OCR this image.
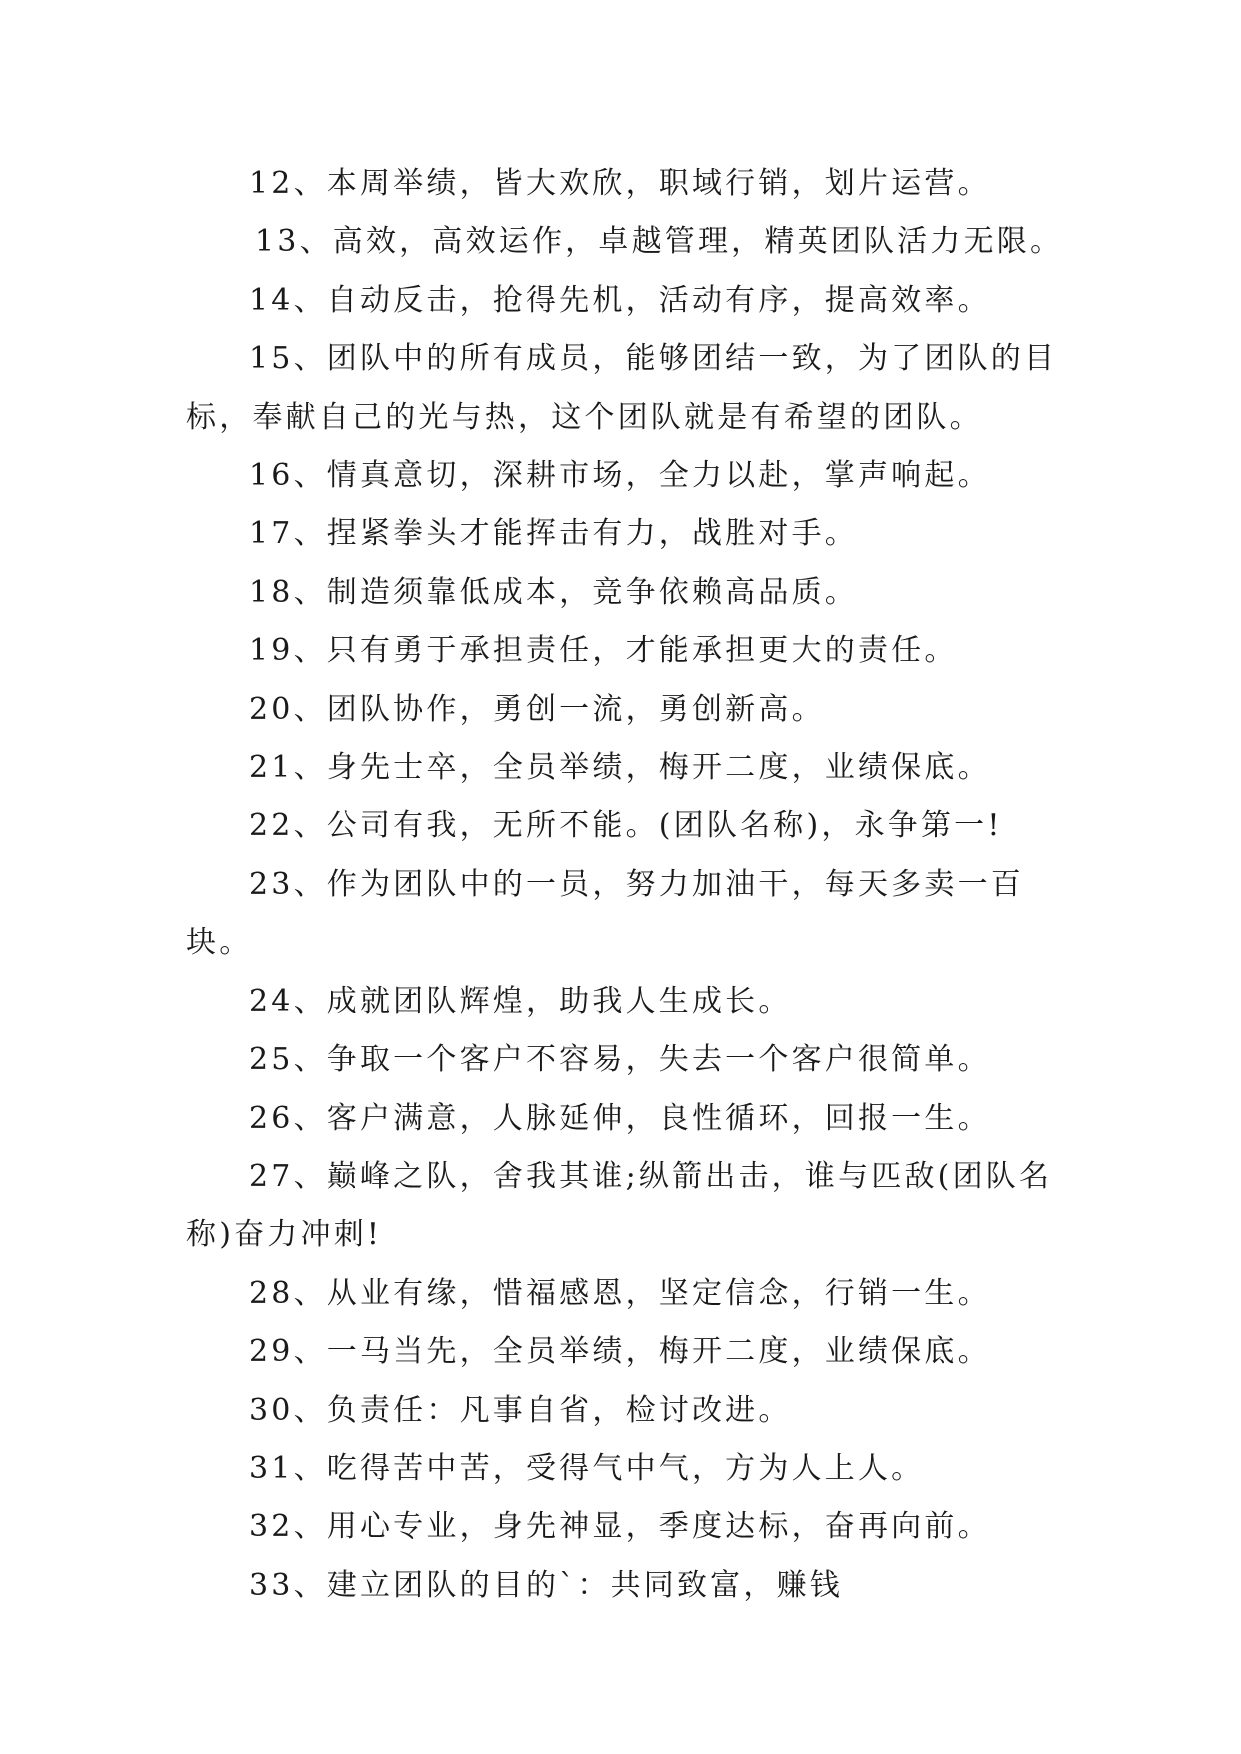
12、本周举绩，皆大欢欣，职域行销，划片运营。

13、高效，高效运作，卓越管理，精英团队活力无限。

14、自动反击，抢得先机，活动有序，提高效率。

15、团队中的所有成员，能够团结一致，为了团队的目标，奉献自己的光与热，这个团队就是有希望的团队。

16、情真意切，深耕市场，全力以赴，掌声响起。

17、捏紧拳头才能挥击有力，战胜对手。

18、制造须靠低成本，竞争依赖高品质。

19、只有勇于承担责任，才能承担更大的责任。

20、团队协作，勇创一流，勇创新高。

21、身先士卒，全员举绩，梅开二度，业绩保底。

22、公司有我，无所不能。(团队名称)，永争第一!

23、作为团队中的一员，努力加油干，每天多卖一百块。

24、成就团队辉煌，助我人生成长。

25、争取一个客户不容易，失去一个客户很简单。

26、客户满意，人脉延伸，良性循环，回报一生。

27、巅峰之队，舍我其谁;纵箭出击，谁与匹敌(团队名称)奋力冲刺!

28、从业有缘，惜福感恩，坚定信念，行销一生。

29、一马当先，全员举绩，梅开二度，业绩保底。

30、负责任：凡事自省，检讨改进。

31、吃得苦中苦，受得气中气，方为人上人。

32、用心专业，身先神显，季度达标，奋再向前。

33、建立团队的目的`：共同致富，赚钱
